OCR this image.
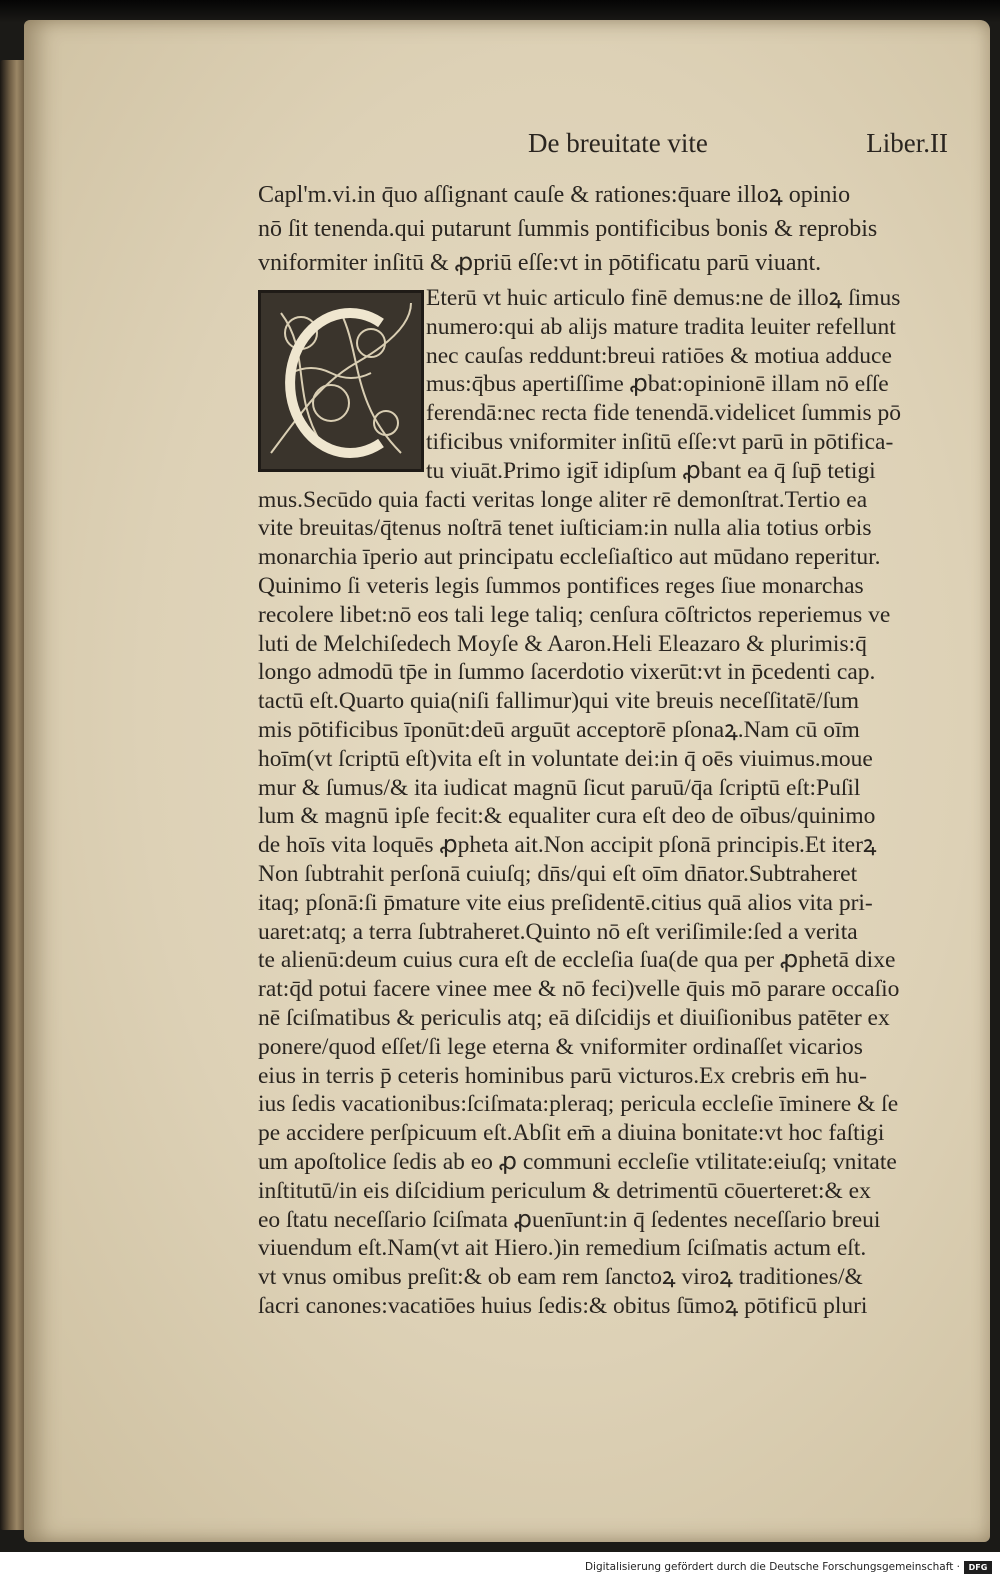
De breuitate vite	Liber.II
Capl'm.vi.in q̄uo aſſignant cauſe & rationes:q̄uare illoꝝ opinio
nō ſit tenenda.qui putarunt ſummis pontificibus bonis & reprobis
vniformiter inſitū & ꝓpriū eſſe:vt in pōtificatu parū viuant.
Eterū vt huic articulo finē demus:ne de illoꝝ ſimus
numero:qui ab alijs mature tradita leuiter refellunt
nec cauſas reddunt:breui ratiōes & motiua adduce
mus:q̄bus apertiſſime ꝓbat:opinionē illam nō eſſe
ferendā:nec recta fide tenendā.videlicet ſummis pō
tificibus vniformiter inſitū eſſe:vt parū in pōtifica-
tu viuāt.Primo igit̄ idipſum ꝓbant ea q̄ ſup̄ tetigi
mus.Secūdo quia facti veritas longe aliter rē demonſtrat.Tertio ea
vite breuitas/q̄tenus noſtrā tenet iuſticiam:in nulla alia totius orbis
monarchia īperio aut principatu eccleſiaſtico aut mūdano reperitur.
Quinimo ſi veteris legis ſummos pontifices reges ſiue monarchas
recolere libet:nō eos tali lege taliq; cenſura cōſtrictos reperiemus ve
luti de Melchiſedech Moyſe & Aaron.Heli Eleazaro & plurimis:q̄
longo admodū tp̄e in ſummo ſacerdotio vixerūt:vt in p̄cedenti cap.
tactū eſt.Quarto quia(niſi fallimur)qui vite breuis neceſſitatē/ſum
mis pōtificibus īponūt:deū arguūt acceptorē pſonaꝝ.Nam cū oīm
hoīm(vt ſcriptū eſt)vita eſt in voluntate dei:in q̄ oēs viuimus.moue
mur & ſumus/& ita iudicat magnū ſicut paruū/q̄a ſcriptū eſt:Puſil
lum & magnū ipſe fecit:& equaliter cura eſt deo de oībus/quinimo
de hoīs vita loquēs ꝓpheta ait.Non accipit pſonā principis.Et iterꝝ
Non ſubtrahit perſonā cuiuſq; dn̄s/qui eſt oīm dn̄ator.Subtraheret
itaq; pſonā:ſi p̄mature vite eius preſidentē.citius quā alios vita pri-
uaret:atq; a terra ſubtraheret.Quinto nō eſt veriſimile:ſed a verita
te alienū:deum cuius cura eſt de eccleſia ſua(de qua per ꝓphetā dixe
rat:q̄d potui facere vinee mee & nō feci)velle q̄uis mō parare occaſio
nē ſciſmatibus & periculis atq; eā diſcidijs et diuiſionibus patēter ex
ponere/quod eſſet/ſi lege eterna & vniformiter ordinaſſet vicarios
eius in terris p̄ ceteris hominibus parū victuros.Ex crebris em̄ hu-
ius ſedis vacationibus:ſciſmata:pleraq; pericula eccleſie īminere & ſe
pe accidere perſpicuum eſt.Abſit em̄ a diuina bonitate:vt hoc faſtigi
um apoſtolice ſedis ab eo ꝓ communi eccleſie vtilitate:eiuſq; vnitate
inſtitutū/in eis diſcidium periculum & detrimentū cōuerteret:& ex
eo ſtatu neceſſario ſciſmata ꝓuenīunt:in q̄ ſedentes neceſſario breui
viuendum eſt.Nam(vt ait Hiero.)in remedium ſciſmatis actum eſt.
vt vnus omibus preſit:& ob eam rem ſanctoꝝ viroꝝ traditiones/&
ſacri canones:vacatiōes huius ſedis:& obitus ſūmoꝝ pōtificū pluri
Digitalisierung gefördert durch die Deutsche Forschungsgemeinschaft ·	DFG
